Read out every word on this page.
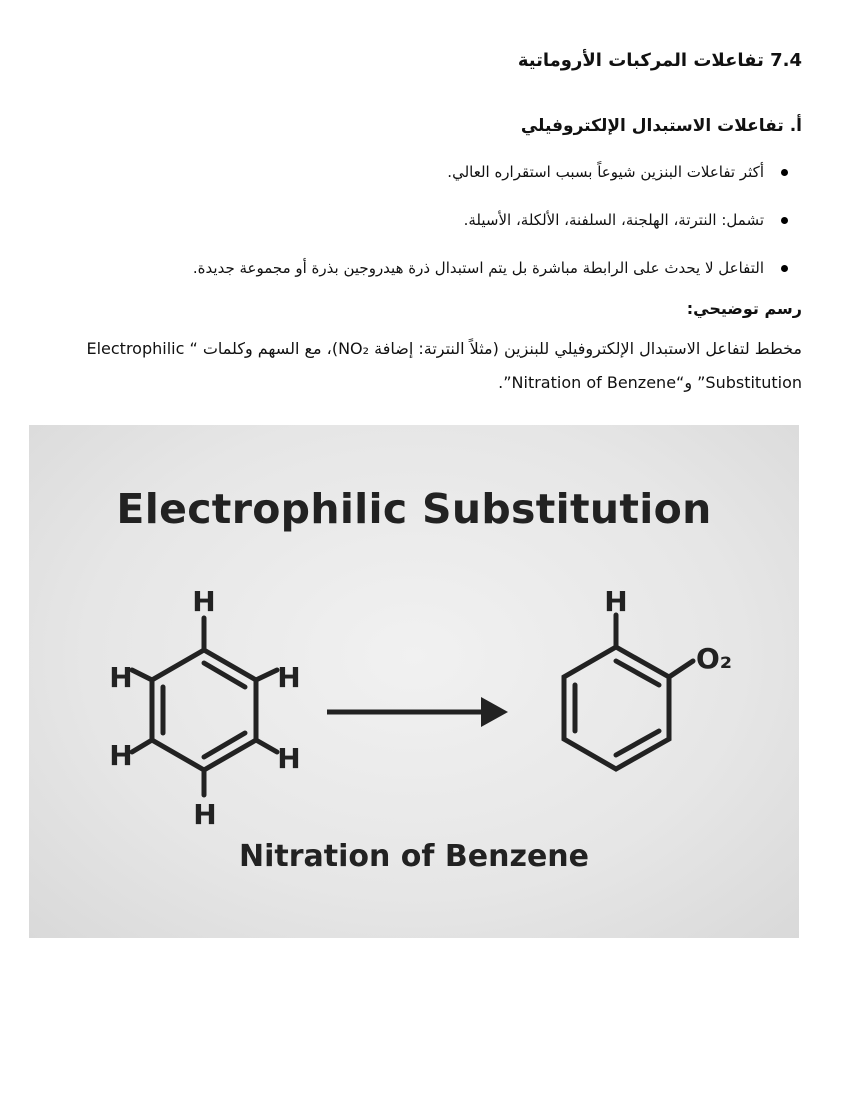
7.4 تفاعلات المركبات الأروماتية
أ. تفاعلات الاستبدال الإلكتروفيلي
أكثر تفاعلات البنزين شيوعاً بسبب استقراره العالي.
تشمل: النترتة، الهلجنة، السلفنة، الألكلة، الأسيلة.
التفاعل لا يحدث على الرابطة مباشرة بل يتم استبدال ذرة هيدروجين بذرة أو مجموعة جديدة.
رسم توضيحي:
مخطط لتفاعل الاستبدال الإلكتروفيلي للبنزين (مثلاً النترتة: إضافة NO₂)، مع السهم وكلمات “ Electrophilic
Substitution” و“Nitration of Benzene”.
Electrophilic Substitution
H
H
H
H
H
H
H
O₂
Nitration of Benzene
